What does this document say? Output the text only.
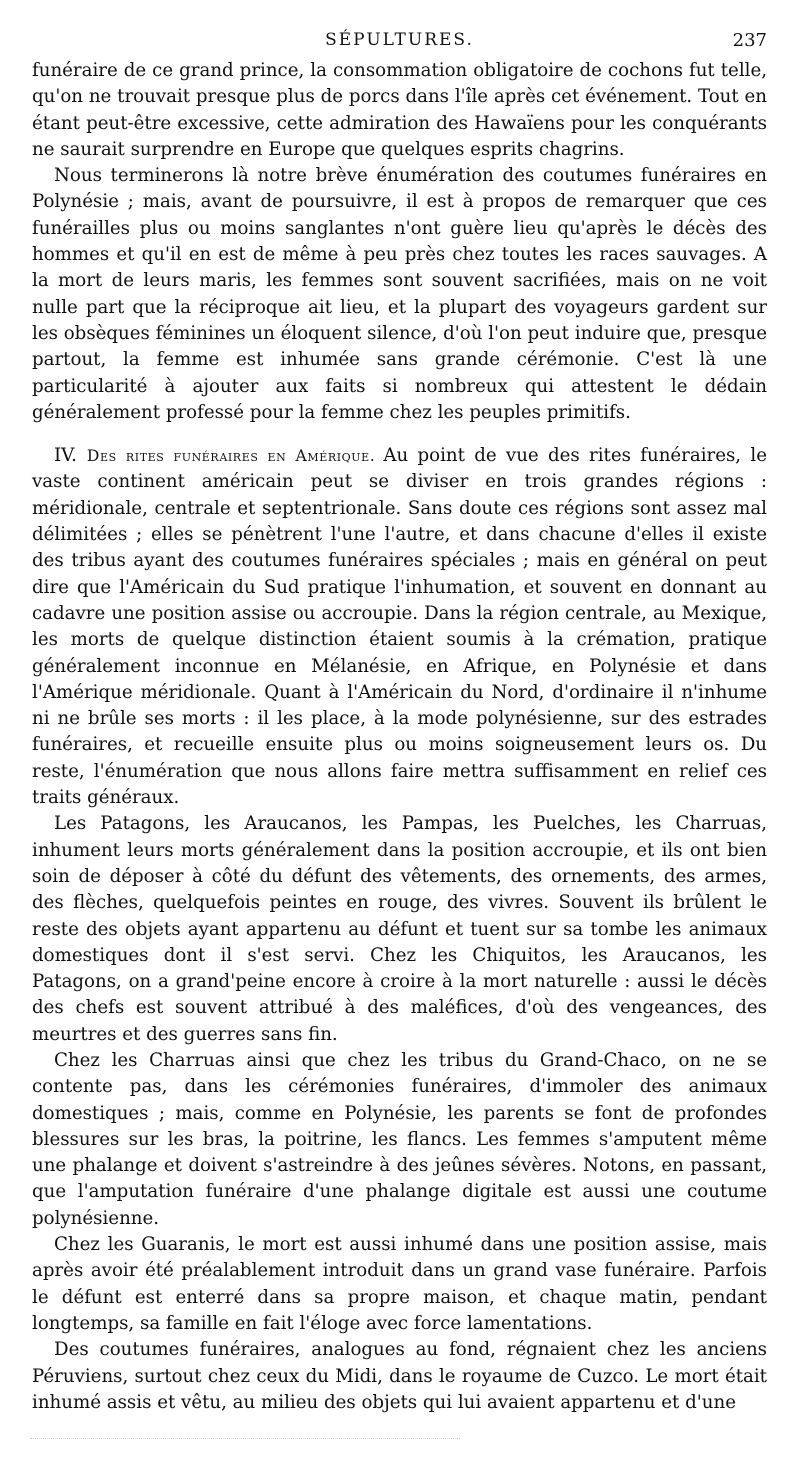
SÉPULTURES.	237

funéraire de ce grand prince, la consommation obligatoire de cochons fut telle, qu'on ne trouvait presque plus de porcs dans l'île après cet événement. Tout en étant peut-être excessive, cette admiration des Hawaïens pour les conquérants ne saurait surprendre en Europe que quelques esprits chagrins.

Nous terminerons là notre brève énumération des coutumes funéraires en Polynésie ; mais, avant de poursuivre, il est à propos de remarquer que ces funérailles plus ou moins sanglantes n'ont guère lieu qu'après le décès des hommes et qu'il en est de même à peu près chez toutes les races sauvages. A la mort de leurs maris, les femmes sont souvent sacrifiées, mais on ne voit nulle part que la réciproque ait lieu, et la plupart des voyageurs gardent sur les obsèques féminines un éloquent silence, d'où l'on peut induire que, presque partout, la femme est inhumée sans grande cérémonie. C'est là une particularité à ajouter aux faits si nombreux qui attestent le dédain généralement professé pour la femme chez les peuples primitifs.

IV. Des rites funéraires en Amérique. Au point de vue des rites funéraires, le vaste continent américain peut se diviser en trois grandes régions : méridionale, centrale et septentrionale. Sans doute ces régions sont assez mal délimitées ; elles se pénètrent l'une l'autre, et dans chacune d'elles il existe des tribus ayant des coutumes funéraires spéciales ; mais en général on peut dire que l'Américain du Sud pratique l'inhumation, et souvent en donnant au cadavre une position assise ou accroupie. Dans la région centrale, au Mexique, les morts de quelque distinction étaient soumis à la crémation, pratique généralement inconnue en Mélanésie, en Afrique, en Polynésie et dans l'Amérique méridionale. Quant à l'Américain du Nord, d'ordinaire il n'inhume ni ne brûle ses morts : il les place, à la mode polynésienne, sur des estrades funéraires, et recueille ensuite plus ou moins soigneusement leurs os. Du reste, l'énumération que nous allons faire mettra suffisamment en relief ces traits généraux.

Les Patagons, les Araucanos, les Pampas, les Puelches, les Charruas, inhument leurs morts généralement dans la position accroupie, et ils ont bien soin de déposer à côté du défunt des vêtements, des ornements, des armes, des flèches, quelquefois peintes en rouge, des vivres. Souvent ils brûlent le reste des objets ayant appartenu au défunt et tuent sur sa tombe les animaux domestiques dont il s'est servi. Chez les Chiquitos, les Araucanos, les Patagons, on a grand'peine encore à croire à la mort naturelle : aussi le décès des chefs est souvent attribué à des maléfices, d'où des vengeances, des meurtres et des guerres sans fin.

Chez les Charruas ainsi que chez les tribus du Grand-Chaco, on ne se contente pas, dans les cérémonies funéraires, d'immoler des animaux domestiques ; mais, comme en Polynésie, les parents se font de profondes blessures sur les bras, la poitrine, les flancs. Les femmes s'amputent même une phalange et doivent s'astreindre à des jeûnes sévères. Notons, en passant, que l'amputation funéraire d'une phalange digitale est aussi une coutume polynésienne.

Chez les Guaranis, le mort est aussi inhumé dans une position assise, mais après avoir été préalablement introduit dans un grand vase funéraire. Parfois le défunt est enterré dans sa propre maison, et chaque matin, pendant longtemps, sa famille en fait l'éloge avec force lamentations.

Des coutumes funéraires, analogues au fond, régnaient chez les anciens Péruviens, surtout chez ceux du Midi, dans le royaume de Cuzco. Le mort était inhumé assis et vêtu, au milieu des objets qui lui avaient appartenu et d'une
